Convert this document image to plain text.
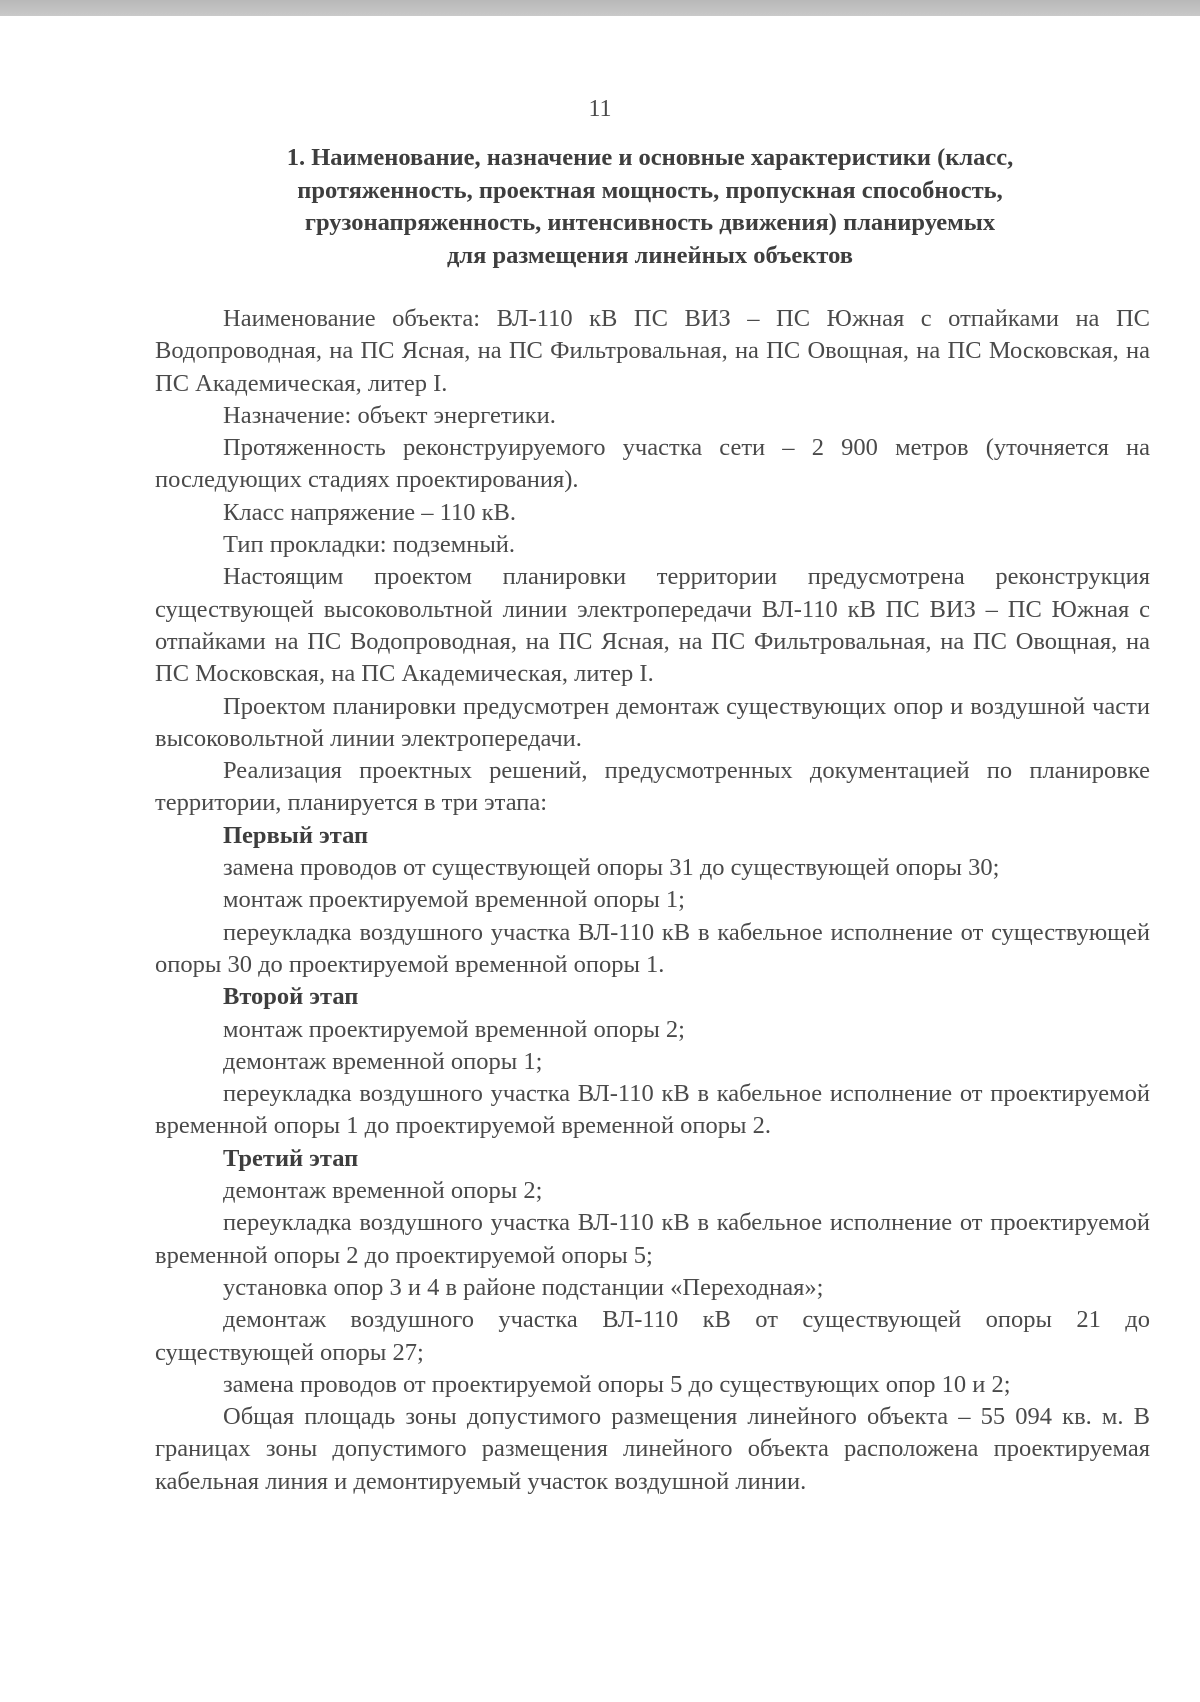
11
1. Наименование, назначение и основные характеристики (класс,
протяженность, проектная мощность, пропускная способность,
грузонапряженность, интенсивность движения) планируемых
для размещения линейных объектов

Наименование объекта: ВЛ-110 кВ ПС ВИЗ – ПС Южная с отпайками на ПС Водопроводная, на ПС Ясная, на ПС Фильтровальная, на ПС Овощная, на ПС Московская, на ПС Академическая, литер I.

Назначение: объект энергетики.

Протяженность реконструируемого участка сети – 2 900 метров (уточняется на последующих стадиях проектирования).

Класс напряжение – 110 кВ.

Тип прокладки: подземный.

Настоящим проектом планировки территории предусмотрена реконструкция существующей высоковольтной линии электропередачи ВЛ-110 кВ ПС ВИЗ – ПС Южная с отпайками на ПС Водопроводная, на ПС Ясная, на ПС Фильтровальная, на ПС Овощная, на ПС Московская, на ПС Академическая, литер I.

Проектом планировки предусмотрен демонтаж существующих опор и воздушной части высоковольтной линии электропередачи.

Реализация проектных решений, предусмотренных документацией по планировке территории, планируется в три этапа:

Первый этап

замена проводов от существующей опоры 31 до существующей опоры 30;

монтаж проектируемой временной опоры 1;

переукладка воздушного участка ВЛ-110 кВ в кабельное исполнение от существующей опоры 30 до проектируемой временной опоры 1.

Второй этап

монтаж проектируемой временной опоры 2;

демонтаж временной опоры 1;

переукладка воздушного участка ВЛ-110 кВ в кабельное исполнение от проектируемой временной опоры 1 до проектируемой временной опоры 2.

Третий этап

демонтаж временной опоры 2;

переукладка воздушного участка ВЛ-110 кВ в кабельное исполнение от проектируемой временной опоры 2 до проектируемой опоры 5;

установка опор 3 и 4 в районе подстанции «Переходная»;

демонтаж воздушного участка ВЛ-110 кВ от существующей опоры 21 до существующей опоры 27;

замена проводов от проектируемой опоры 5 до существующих опор 10 и 2;

Общая площадь зоны допустимого размещения линейного объекта – 55 094 кв. м. В границах зоны допустимого размещения линейного объекта расположена проектируемая кабельная линия и демонтируемый участок воздушной линии.
